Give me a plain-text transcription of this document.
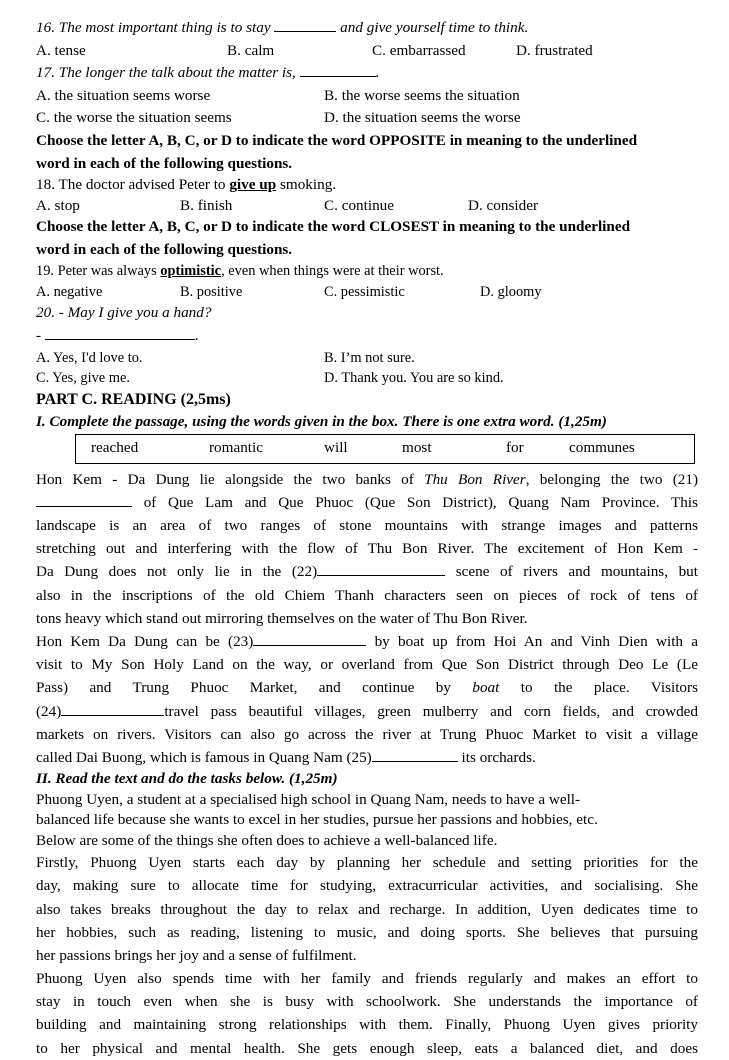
16. The most important thing is to stay	and give yourself time to think.
A. tense	B. calm	C. embarrassed	D. frustrated
17. The longer the talk about the matter is,	.
A. the situation seems worse	B. the worse seems the situation
C. the worse the situation seems	D. the situation seems the worse
Choose the letter A, B, C, or D to indicate the word OPPOSITE in meaning to the underlined
word in each of the following questions.
18. The doctor advised Peter to give up smoking.
A. stop	B. finish	C. continue	D. consider
Choose the letter A, B, C, or D to indicate the word CLOSEST in meaning to the underlined
word in each of the following questions.
19. Peter was always optimistic, even when things were at their worst.
A. negative	B. positive	C. pessimistic	D. gloomy
20. - May I give you a hand?
-	.
A. Yes, I'd love to.	B. I’m not sure.
C. Yes, give me.	D. Thank you. You are so kind.
PART C. READING (2,5ms)
I. Complete the passage, using the words given in the box. There is one extra word. (1,25m)
reached	romantic	will	most	for	communes
Hon Kem - Da Dung lie alongside the two banks of Thu Bon River, belonging the two (21)
of Que Lam and Que Phuoc (Que Son District), Quang Nam Province. This
landscape is an area of two ranges of stone mountains with strange images and patterns
stretching out and interfering with the flow of Thu Bon River. The excitement of Hon Kem -
Da Dung does not only lie in the (22)	scene of rivers and mountains, but
also in the inscriptions of the old Chiem Thanh characters seen on pieces of rock of tens of
tons heavy which stand out mirroring themselves on the water of Thu Bon River.
Hon Kem Da Dung can be (23)	by boat up from Hoi An and Vinh Dien with a
visit to My Son Holy Land on the way, or overland from Que Son District through Deo Le (Le
Pass) and Trung Phuoc Market, and continue by boat to the place. Visitors
(24)	travel pass beautiful villages, green mulberry and corn fields, and crowded
markets on rivers. Visitors can also go across the river at Trung Phuoc Market to visit a village
called Dai Buong, which is famous in Quang Nam (25)	its orchards.
II. Read the text and do the tasks below. (1,25m)
Phuong Uyen, a student at a specialised high school in Quang Nam, needs to have a well-
balanced life because she wants to excel in her studies, pursue her passions and hobbies, etc.
Below are some of the things she often does to achieve a well-balanced life.
Firstly, Phuong Uyen starts each day by planning her schedule and setting priorities for the
day, making sure to allocate time for studying, extracurricular activities, and socialising. She
also takes breaks throughout the day to relax and recharge. In addition, Uyen dedicates time to
her hobbies, such as reading, listening to music, and doing sports. She believes that pursuing
her passions brings her joy and a sense of fulfilment.
Phuong Uyen also spends time with her family and friends regularly and makes an effort to
stay in touch even when she is busy with schoolwork. She understands the importance of
building and maintaining strong relationships with them. Finally, Phuong Uyen gives priority
to her physical and mental health. She gets enough sleep, eats a balanced diet, and does
